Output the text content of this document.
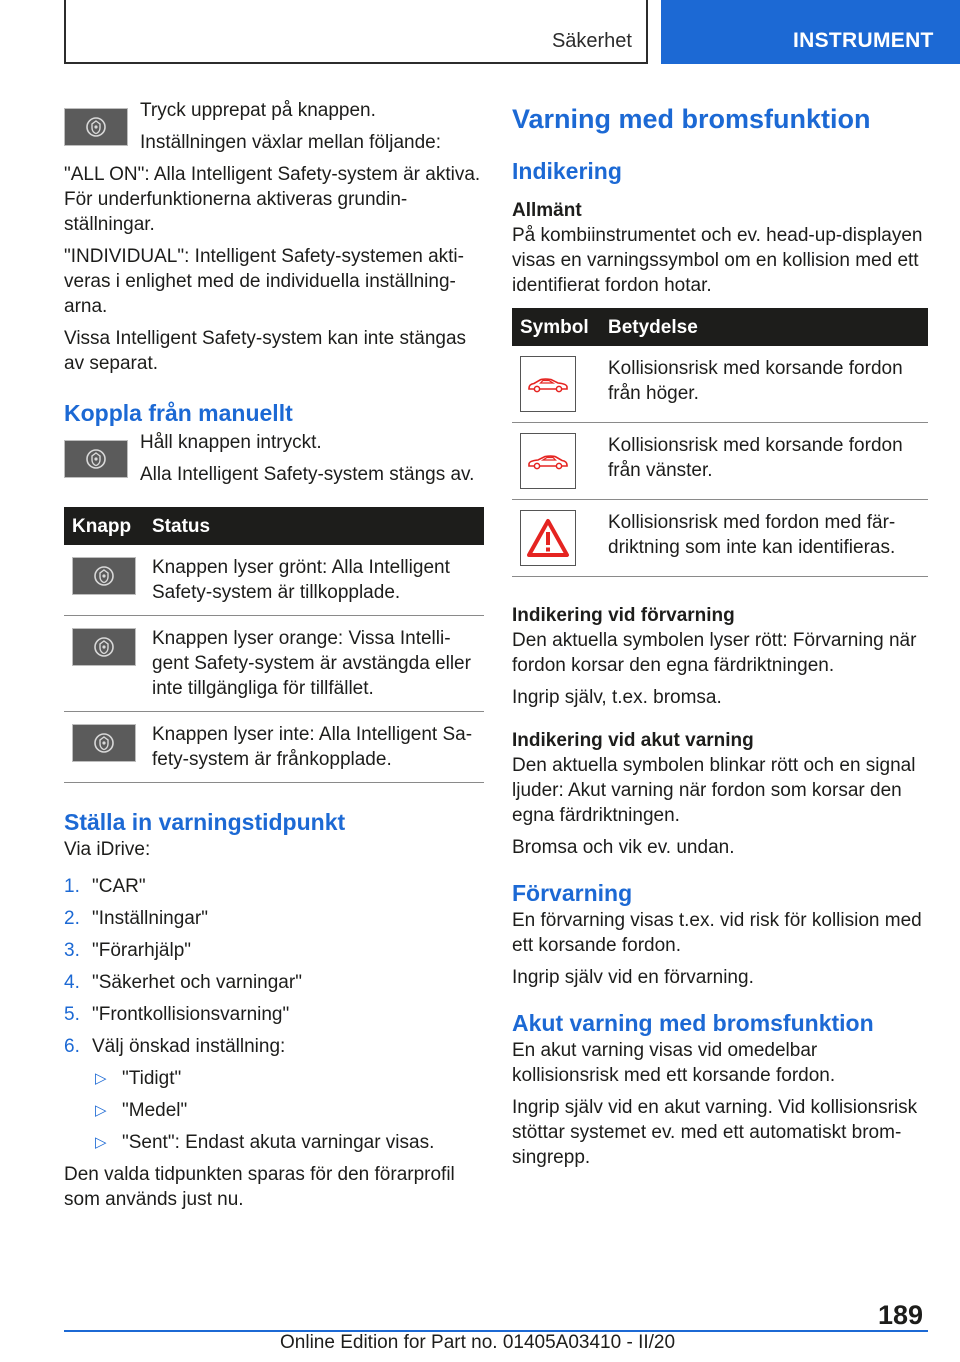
Säkerhet	INSTRUMENT

Tryck upprepat på knappen.

Inställningen växlar mellan följande:

"ALL ON": Alla Intelligent Safety-system är aktiva. För underfunktionerna aktiveras grundinställningar.

"INDIVIDUAL": Intelligent Safety-systemen aktiveras i enlighet med de individuella inställningarna.

Vissa Intelligent Safety-system kan inte stängas av separat.

Koppla från manuellt

Håll knappen intryckt.

Alla Intelligent Safety-system stängs av.

Knapp	Status

	Knappen lyser grönt: Alla Intelligent Safety-system är tillkopplade.

	Knappen lyser orange: Vissa Intelligent Safety-system är avstängda eller inte tillgängliga för tillfället.

	Knappen lyser inte: Alla Intelligent Safety-system är frånkopplade.
Ställa in varningstidpunkt

Via iDrive:

1. "CAR"
2. "Inställningar"
3. "Förarhjälp"
4. "Säkerhet och varningar"
5. "Frontkollisionsvarning"
6. Välj önskad inställning:
▷ "Tidigt"
▷ "Medel"
▷ "Sent": Endast akuta varningar visas.

Den valda tidpunkten sparas för den förarprofil som används just nu.

Varning med bromsfunktion
Indikering
Allmänt

På kombiinstrumentet och ev. head-up-displayen visas en varningssymbol om en kollision med ett identifierat fordon hotar.

Symbol	Betydelse

	Kollisionsrisk med korsande fordon från höger.

	Kollisionsrisk med korsande fordon från vänster.

	Kollisionsrisk med fordon med färdriktning som inte kan identifieras.
Indikering vid förvarning

Den aktuella symbolen lyser rött: Förvarning när fordon korsar den egna färdriktningen.

Ingrip själv, t.ex. bromsa.

Indikering vid akut varning

Den aktuella symbolen blinkar rött och en signal ljuder: Akut varning när fordon som korsar den egna färdriktningen.

Bromsa och vik ev. undan.

Förvarning

En förvarning visas t.ex. vid risk för kollision med ett korsande fordon.

Ingrip själv vid en förvarning.

Akut varning med bromsfunktion

En akut varning visas vid omedelbar kollisionsrisk med ett korsande fordon.

Ingrip själv vid en akut varning. Vid kollisionsrisk stöttar systemet ev. med ett automatiskt bromsingrepp.

189
Online Edition for Part no. 01405A03410 - II/20
